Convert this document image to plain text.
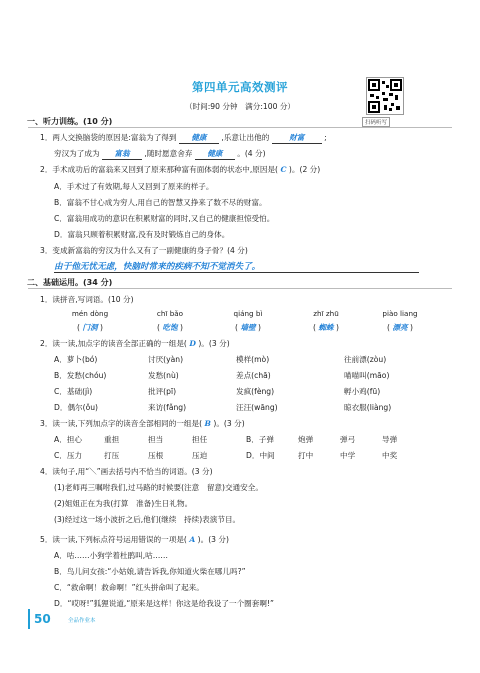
第四单元高效测评
（时间:90 分钟　满分:100 分）
扫码听写
一、听力训练。(10 分)
1．两人交换脑袋的原因是:富翁为了得到 健康 ,乐意让出他的	财富	;
穷汉为了成为 富翁 ,随时愿意舍弃 健康 。(4 分)
2．手术成功后的富翁来又回到了原来那种富有面体弱的状态中,原因是( C )。(2 分)
A．手术过了有效期,每人又回到了原来的样子。
B．富翁不甘心成为穷人,用自己的智慧又挣来了数不尽的财富。
C．富翁用成功的意识在积累财富的同时,又自己的健康担惊受怕。
D．富翁只顾着积累财富,没有及时锻炼自己的身体。
3．变成新富翁的穷汉为什么又有了一副健康的身子骨？(4 分)
由于他无忧无虑，快脑时常来的疾病不知不觉消失了。
二、基础运用。(34 分)
1．读拼音,写词语。(10 分)
mén dòng	chī bǎo	qiáng bì	zhī zhū	piào liang
( 门洞 )	( 吃饱 )	( 墙壁 )	( 蜘蛛 )	( 漂亮 )
2．读一读,加点字的读音全部正确的一组是( D )。(3 分)
A．萝卜(bó)	讨厌(yàn)	模样(mò)	往前漂(zòu)
B．发愁(chóu)	发愁(nù)	差点(chā)	喵喵叫(māo)
C．基础(jì)	批评(pī)	发疯(fèng)	孵小鸡(fū)
D．偶尔(ǒu)	来访(fǎng)	汪汪(wāng)	晾衣服(liàng)
3．读一读,下列加点字的读音全部相同的一组是( B )。(3 分)
A．担心	重担	担当	担任	B．子弹	炮弹	弹弓	导弹
C．压力	打压	压根	压迫	D．中间	打中	中学	中奖
4．读句子,用“＼”画去括号内不恰当的词语。(3 分)
(1)老师再三嘱咐我们,过马路的时候要(注意　留意)交通安全。
(2)姐姐正在为我(打算　准备)生日礼物。
(3)经过这一场小波折之后,他们(继续　持续)表演节目。
5．读一读,下列标点符号运用错误的一项是( A )。(3 分)
A．咕……小狗学着杜鹃叫,咕……
B．鸟儿问女孩:“小姑娘,请告诉我,你知道火柴在哪儿吗?”
C．“救命啊！救命啊！”红头拼命叫了起来。
D．“哎呀!”狐狸说道,“原来是这样！你这是给我设了一个圈套啊!”
50	全品作业本
